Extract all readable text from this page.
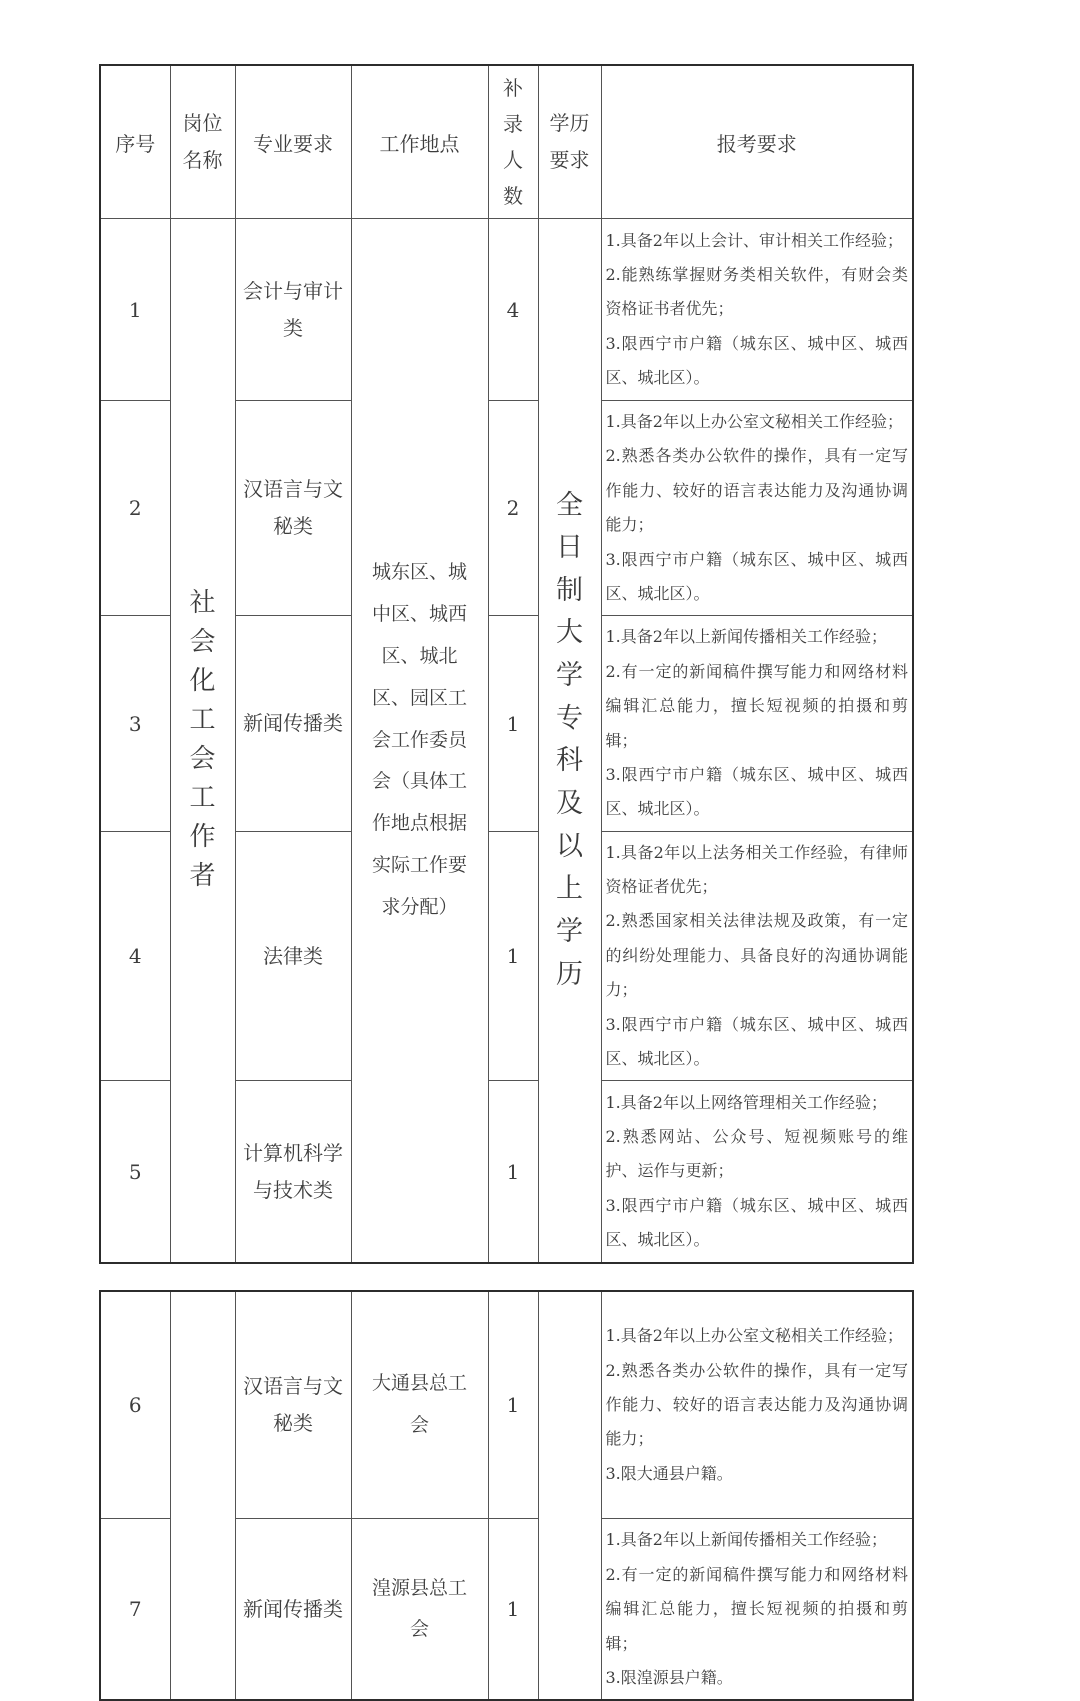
序号	岗位名称	专业要求	工作地点	补录人数	学历要求	报考要求

1	社会化工会工作者	会计与审计类	城东区、城中区、城西区、城北区、园区工会工作委员会（具体工作地点根据实际工作要求分配）	4	全日制大学专科及以上学历	1.具备2年以上会计、审计相关工作经验；
2.能熟练掌握财务类相关软件，有财会类资格证书者优先；
3.限西宁市户籍（城东区、城中区、城西区、城北区）。

2		汉语言与文秘类		2		1.具备2年以上办公室文秘相关工作经验；
2.熟悉各类办公软件的操作，具有一定写作能力、较好的语言表达能力及沟通协调能力；
3.限西宁市户籍（城东区、城中区、城西区、城北区）。

3		新闻传播类		1		1.具备2年以上新闻传播相关工作经验；
2.有一定的新闻稿件撰写能力和网络材料编辑汇总能力，擅长短视频的拍摄和剪辑；
3.限西宁市户籍（城东区、城中区、城西区、城北区）。

4		法律类		1		1.具备2年以上法务相关工作经验，有律师资格证者优先；
2.熟悉国家相关法律法规及政策，有一定的纠纷处理能力、具备良好的沟通协调能力；
3.限西宁市户籍（城东区、城中区、城西区、城北区）。

5		计算机科学与技术类		1		1.具备2年以上网络管理相关工作经验；
2.熟悉网站、公众号、短视频账号的维护、运作与更新；
3.限西宁市户籍（城东区、城中区、城西区、城北区）。
6		汉语言与文秘类	大通县总工会	1		1.具备2年以上办公室文秘相关工作经验；
2.熟悉各类办公软件的操作，具有一定写作能力、较好的语言表达能力及沟通协调能力；
3.限大通县户籍。

7		新闻传播类	湟源县总工会	1		1.具备2年以上新闻传播相关工作经验；
2.有一定的新闻稿件撰写能力和网络材料编辑汇总能力，擅长短视频的拍摄和剪辑；
3.限湟源县户籍。
